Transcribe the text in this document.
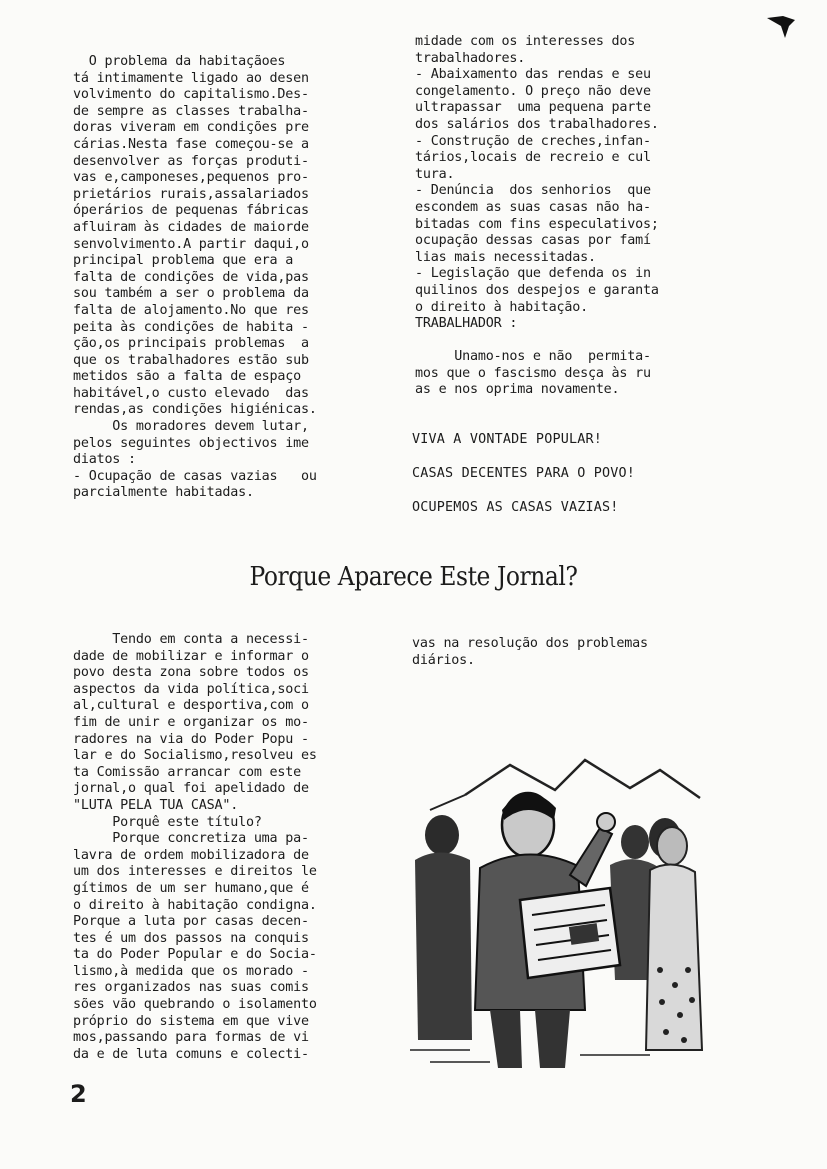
O problema da habitaçãoes
tá intimamente ligado ao desen
volvimento do capitalismo.Des-
de sempre as classes trabalha-
doras viveram em condições pre
cárias.Nesta fase começou-se a
desenvolver as forças produti-
vas e,camponeses,pequenos pro-
prietários rurais,assalariados
óperários de pequenas fábricas
afluiram às cidades de maiorde
senvolvimento.A partir daqui,o
principal problema que era a
falta de condições de vida,pas
sou também a ser o problema da
falta de alojamento.No que res
peita às condições de habita -
ção,os principais problemas  a
que os trabalhadores estão sub
metidos são a falta de espaço
habitável,o custo elevado  das
rendas,as condições higiénicas.
Os moradores devem lutar,
pelos seguintes objectivos ime
diatos :
- Ocupação de casas vazias   ou
parcialmente habitadas.
midade com os interesses dos
trabalhadores.
- Abaixamento das rendas e seu
congelamento. O preço não deve
ultrapassar  uma pequena parte
dos salários dos trabalhadores.
- Construção de creches,infan-
tários,locais de recreio e cul
tura.
- Denúncia  dos senhorios  que
escondem as suas casas não ha-
bitadas com fins especulativos;
ocupação dessas casas por famí
lias mais necessitadas.
- Legislação que defenda os in
quilinos dos despejos e garanta
o direito à habitação.
TRABALHADOR :
Unamo-nos e não  permita-
mos que o fascismo desça às ru
as e nos oprima novamente.
VIVA A VONTADE POPULAR!
CASAS DECENTES PARA O POVO!
OCUPEMOS AS CASAS VAZIAS!
Porque Aparece Este Jornal?
Tendo em conta a necessi-
dade de mobilizar e informar o
povo desta zona sobre todos os
aspectos da vida política,soci
al,cultural e desportiva,com o
fim de unir e organizar os mo-
radores na via do Poder Popu -
lar e do Socialismo,resolveu es
ta Comissão arrancar com este
jornal,o qual foi apelidado de
"LUTA PELA TUA CASA".
Porquê este título?
Porque concretiza uma pa-
lavra de ordem mobilizadora de
um dos interesses e direitos le
gítimos de um ser humano,que é
o direito à habitação condigna.
Porque a luta por casas decen-
tes é um dos passos na conquis
ta do Poder Popular e do Socia-
lismo,à medida que os morado -
res organizados nas suas comis
sões vão quebrando o isolamento
próprio do sistema em que vive
mos,passando para formas de vi
da e de luta comuns e colecti-
vas na resolução dos problemas
diários.
2
